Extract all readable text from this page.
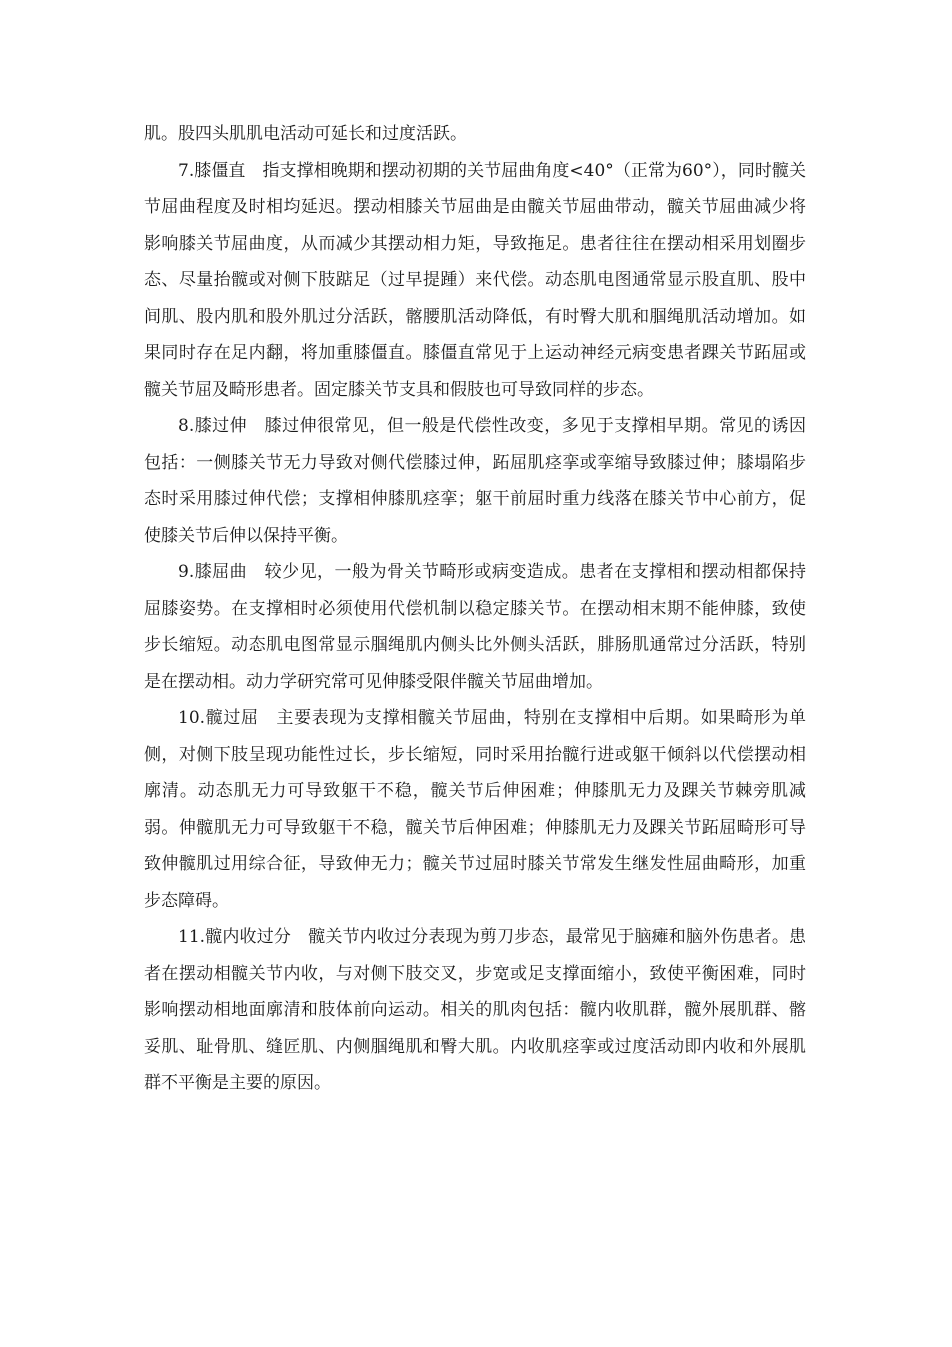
肌。股四头肌肌电活动可延长和过度活跃。

7.膝僵直  指支撑相晚期和摆动初期的关节屈曲角度<40°（正常为60°），同时髋关节屈曲程度及时相均延迟。摆动相膝关节屈曲是由髋关节屈曲带动，髋关节屈曲减少将影响膝关节屈曲度，从而减少其摆动相力矩，导致拖足。患者往往在摆动相采用划圈步态、尽量抬髋或对侧下肢踮足（过早提踵）来代偿。动态肌电图通常显示股直肌、股中间肌、股内肌和股外肌过分活跃，髂腰肌活动降低，有时臀大肌和腘绳肌活动增加。如果同时存在足内翻，将加重膝僵直。膝僵直常见于上运动神经元病变患者踝关节跖屈或髋关节屈及畸形患者。固定膝关节支具和假肢也可导致同样的步态。

8.膝过伸  膝过伸很常见，但一般是代偿性改变，多见于支撑相早期。常见的诱因包括：一侧膝关节无力导致对侧代偿膝过伸，跖屈肌痉挛或挛缩导致膝过伸；膝塌陷步态时采用膝过伸代偿；支撑相伸膝肌痉挛；躯干前屈时重力线落在膝关节中心前方，促使膝关节后伸以保持平衡。

9.膝屈曲  较少见，一般为骨关节畸形或病变造成。患者在支撑相和摆动相都保持屈膝姿势。在支撑相时必须使用代偿机制以稳定膝关节。在摆动相末期不能伸膝，致使步长缩短。动态肌电图常显示腘绳肌内侧头比外侧头活跃，腓肠肌通常过分活跃，特别是在摆动相。动力学研究常可见伸膝受限伴髋关节屈曲增加。

10.髋过屈  主要表现为支撑相髋关节屈曲，特别在支撑相中后期。如果畸形为单侧，对侧下肢呈现功能性过长，步长缩短，同时采用抬髋行进或躯干倾斜以代偿摆动相廓清。动态肌无力可导致躯干不稳，髋关节后伸困难；伸膝肌无力及踝关节棘旁肌减弱。伸髋肌无力可导致躯干不稳，髋关节后伸困难；伸膝肌无力及踝关节跖屈畸形可导致伸髋肌过用综合征，导致伸无力；髋关节过屈时膝关节常发生继发性屈曲畸形，加重步态障碍。

11.髋内收过分  髋关节内收过分表现为剪刀步态，最常见于脑瘫和脑外伤患者。患者在摆动相髋关节内收，与对侧下肢交叉，步宽或足支撑面缩小，致使平衡困难，同时影响摆动相地面廓清和肢体前向运动。相关的肌肉包括：髋内收肌群，髋外展肌群、髂妥肌、耻骨肌、缝匠肌、内侧腘绳肌和臀大肌。内收肌痉挛或过度活动即内收和外展肌群不平衡是主要的原因。
